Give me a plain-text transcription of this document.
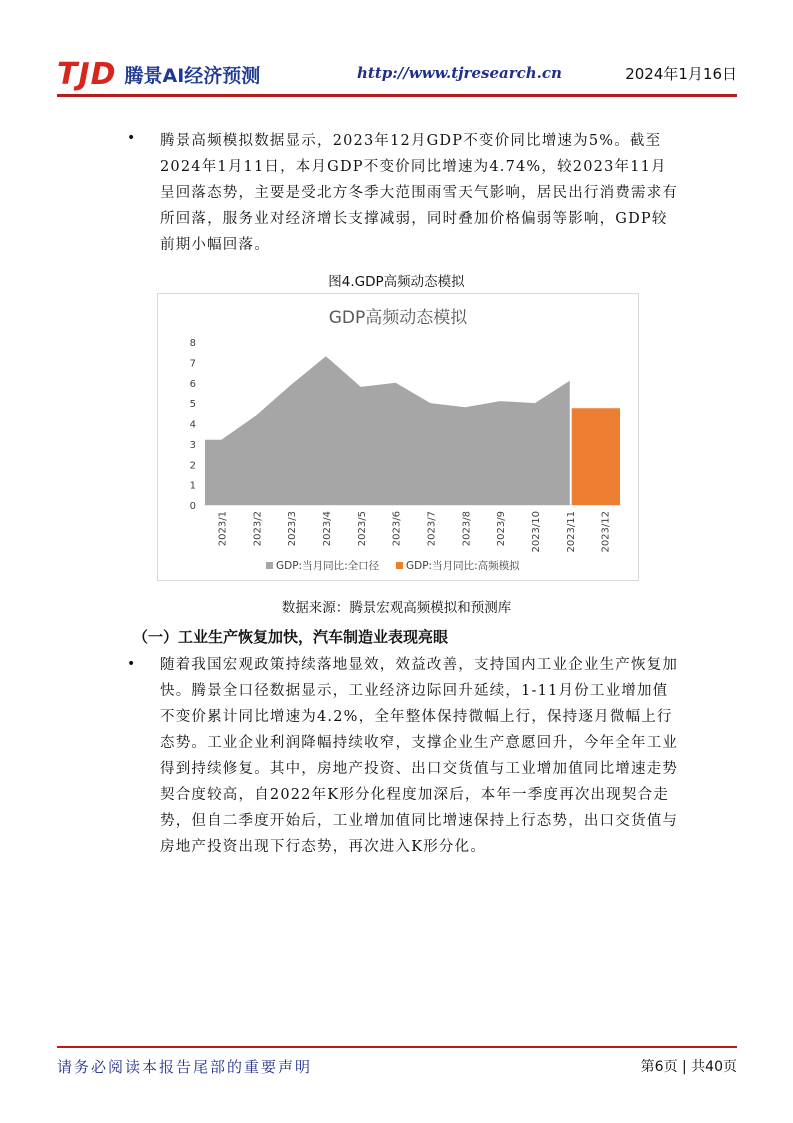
TJD 腾景AI经济预测	http://www.tjresearch.cn	2024年1月16日
• 腾景高频模拟数据显示，2023年12月GDP不变价同比增速为5%。截至2024年1月11日，本月GDP不变价同比增速为4.74%，较2023年11月呈回落态势，主要是受北方冬季大范围雨雪天气影响，居民出行消费需求有所回落，服务业对经济增长支撑减弱，同时叠加价格偏弱等影响，GDP较前期小幅回落。
图4.GDP高频动态模拟
GDP高频动态模拟
0
1
2
3
4
5
6
7
8
2023/1 2023/2 2023/3 2023/4 2023/5 2023/6 2023/7 2023/8 2023/9 2023/10 2023/11 2023/12
GDP:当月同比:全口径	GDP:当月同比:高频模拟
数据来源：腾景宏观高频模拟和预测库
（一）工业生产恢复加快，汽车制造业表现亮眼
• 随着我国宏观政策持续落地显效，效益改善，支持国内工业企业生产恢复加快。腾景全口径数据显示，工业经济边际回升延续，1-11月份工业增加值不变价累计同比增速为4.2%，全年整体保持微幅上行，保持逐月微幅上行态势。工业企业利润降幅持续收窄，支撑企业生产意愿回升，今年全年工业得到持续修复。其中，房地产投资、出口交货值与工业增加值同比增速走势契合度较高，自2022年K形分化程度加深后，本年一季度再次出现契合走势，但自二季度开始后，工业增加值同比增速保持上行态势，出口交货值与房地产投资出现下行态势，再次进入K形分化。
请务必阅读本报告尾部的重要声明	第6页 | 共40页
